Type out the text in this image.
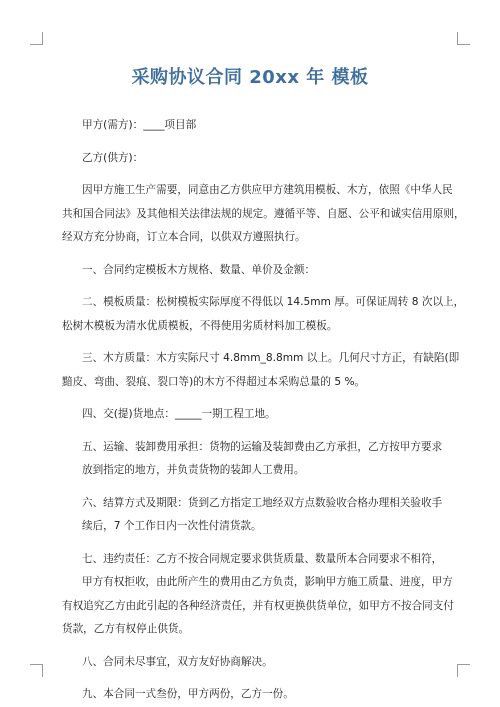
采购协议合同 20xx 年 模板
甲方(需方)：____项目部
乙方(供方)：
因甲方施工生产需要，同意由乙方供应甲方建筑用模板、木方，依照《中华人民
共和国合同法》及其他相关法律法规的规定。遵循平等、自愿、公平和诚实信用原则，
经双方充分协商，订立本合同，以供双方遵照执行。
一、合同约定模板木方规格、数量、单价及金额：
二、模板质量：松树模板实际厚度不得低以 14.5mm 厚。可保证周转 8 次以上，
松树木模板为清水优质模板，不得使用劣质材料加工模板。
三、木方质量：木方实际尺寸 4.8mm_8.8mm 以上。几何尺寸方正，有缺陷(即
黯皮、弯曲、裂痕、裂口等)的木方不得超过本采购总量的 5 %。
四、交(提)货地点：_____一期工程工地。
五、运输、装卸费用承担：货物的运输及装卸费由乙方承担，乙方按甲方要求
放到指定的地方，并负责货物的装卸人工费用。
六、结算方式及期限：货到乙方指定工地经双方点数验收合格办理相关验收手
续后，7 个工作日内一次性付清货款。
七、违约责任：乙方不按合同规定要求供货质量、数量所本合同要求不相符，
甲方有权拒收，由此所产生的费用由乙方负责，影响甲方施工质量、进度，甲方
有权追究乙方由此引起的各种经济责任，并有权更换供货单位，如甲方不按合同支付
货款，乙方有权停止供货。
八、合同未尽事宜，双方友好协商解决。
九、本合同一式叁份，甲方两份，乙方一份。
